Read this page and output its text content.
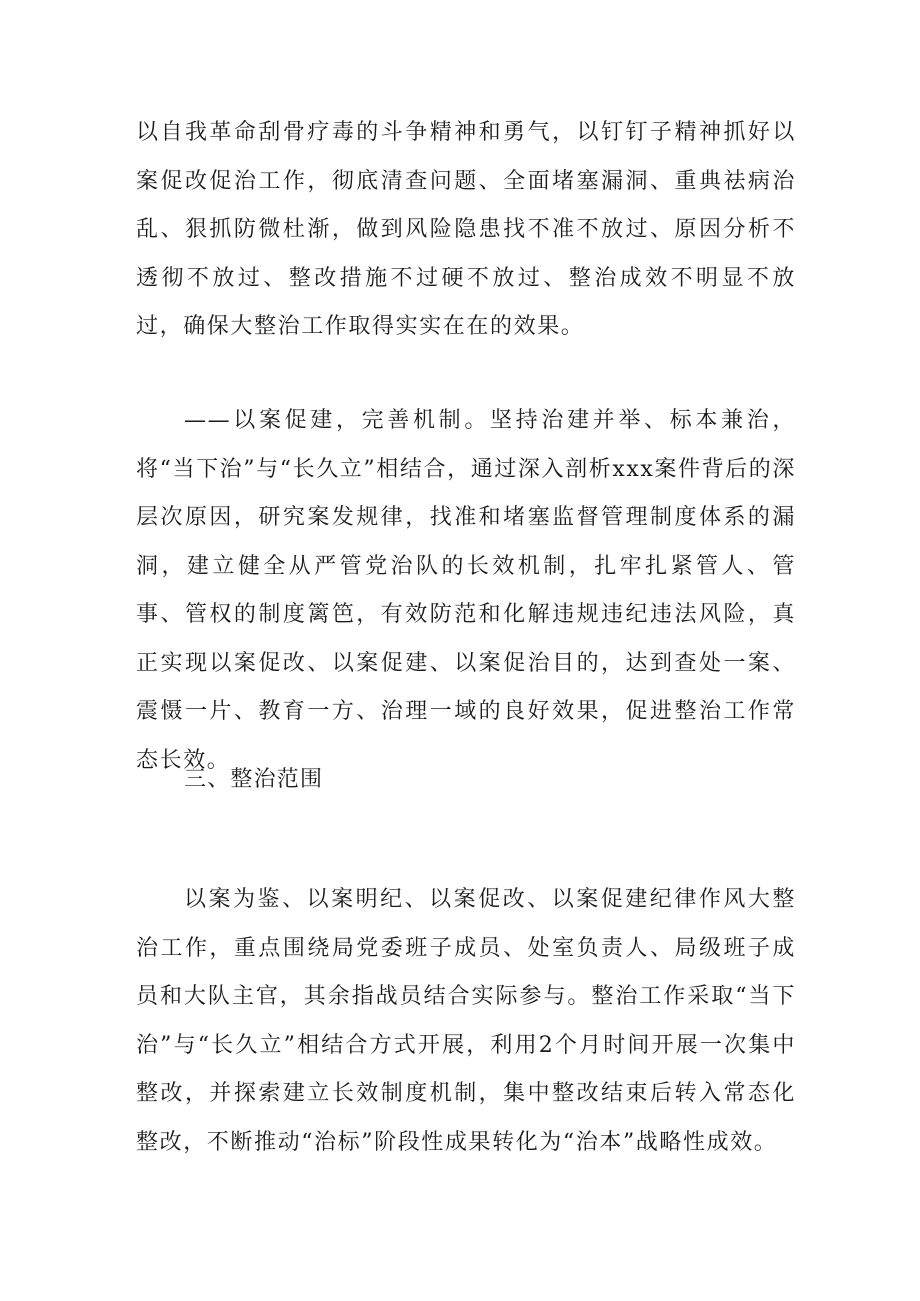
以自我革命刮骨疗毒的斗争精神和勇气，以钉钉子精神抓好以案促改促治工作，彻底清查问题、全面堵塞漏洞、重典祛病治乱、狠抓防微杜渐，做到风险隐患找不准不放过、原因分析不透彻不放过、整改措施不过硬不放过、整治成效不明显不放过，确保大整治工作取得实实在在的效果。

——以案促建，完善机制。坚持治建并举、标本兼治，将“当下治”与“长久立”相结合，通过深入剖析xxx案件背后的深层次原因，研究案发规律，找准和堵塞监督管理制度体系的漏洞，建立健全从严管党治队的长效机制，扎牢扎紧管人、管事、管权的制度篱笆，有效防范和化解违规违纪违法风险，真正实现以案促改、以案促建、以案促治目的，达到查处一案、震慑一片、教育一方、治理一域的良好效果，促进整治工作常态长效。

三、整治范围

以案为鉴、以案明纪、以案促改、以案促建纪律作风大整治工作，重点围绕局党委班子成员、处室负责人、局级班子成员和大队主官，其余指战员结合实际参与。整治工作采取“当下治”与“长久立”相结合方式开展，利用2个月时间开展一次集中整改，并探索建立长效制度机制，集中整改结束后转入常态化整改，不断推动“治标”阶段性成果转化为“治本”战略性成效。
